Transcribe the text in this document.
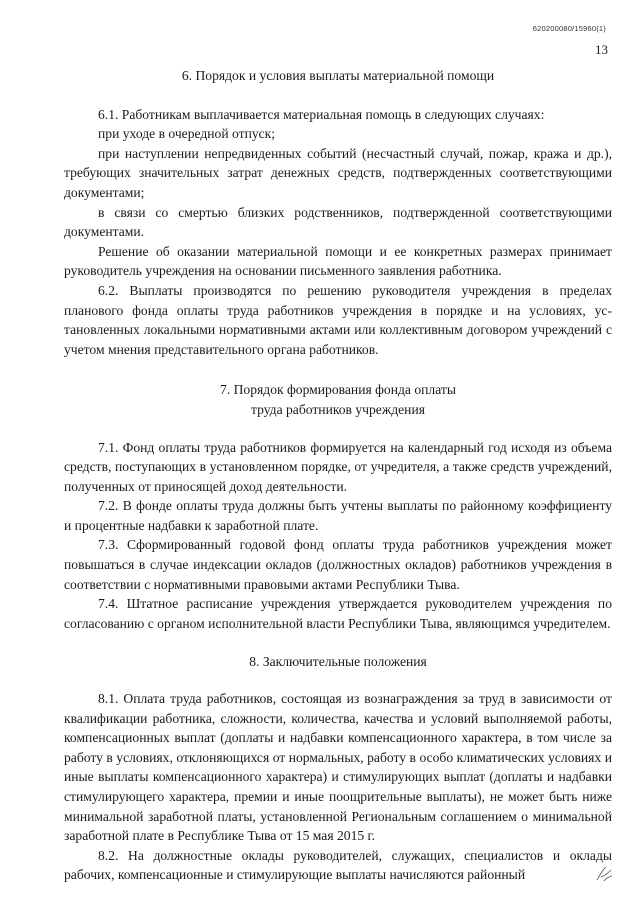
620200080/15960(1)
13
6. Порядок и условия выплаты материальной помощи

6.1. Работникам выплачивается материальная помощь в следующих случаях:

при уходе в очередной отпуск;

при наступлении непредвиденных событий (несчастный случай, пожар, кража и др.), требующих значительных затрат денежных средств, подтвержденных соответствующими документами;

в связи со смертью близких родственников, подтвержденной соответствующими документами.

Решение об оказании материальной помощи и ее конкретных размерах принимает руководитель учреждения на основании письменного заявления работника.

6.2. Выплаты производятся по решению руководителя учреждения в пределах планового фонда оплаты труда работников учреждения в порядке и на условиях, установленных локальными нормативными актами или коллективным договором учреждений с учетом мнения представительного органа работников.

7. Порядок формирования фонда оплаты
труда работников учреждения

7.1. Фонд оплаты труда работников формируется на календарный год исходя из объема средств, поступающих в установленном порядке, от учредителя, а также средств учреждений, полученных от приносящей доход деятельности.

7.2. В фонде оплаты труда должны быть учтены выплаты по районному коэффициенту и процентные надбавки к заработной плате.

7.3. Сформированный годовой фонд оплаты труда работников учреждения может повышаться в случае индексации окладов (должностных окладов) работников учреждения в соответствии с нормативными правовыми актами Республики Тыва.

7.4. Штатное расписание учреждения утверждается руководителем учреждения по согласованию с органом исполнительной власти Республики Тыва, являющимся учредителем.

8. Заключительные положения

8.1. Оплата труда работников, состоящая из вознаграждения за труд в зависимости от квалификации работника, сложности, количества, качества и условий выполняемой работы, компенсационных выплат (доплаты и надбавки компенсационного характера, в том числе за работу в условиях, отклоняющихся от нормальных, работу в особо климатических условиях и иные выплаты компенсационного характера) и стимулирующих выплат (доплаты и надбавки стимулирующего характера, премии и иные поощрительные выплаты), не может быть ниже минимальной заработной платы, установленной Региональным соглашением о минимальной заработной плате в Республике Тыва от 15 мая 2015 г.

8.2. На должностные оклады руководителей, служащих, специалистов и оклады рабочих, компенсационные и стимулирующие выплаты начисляются районный
